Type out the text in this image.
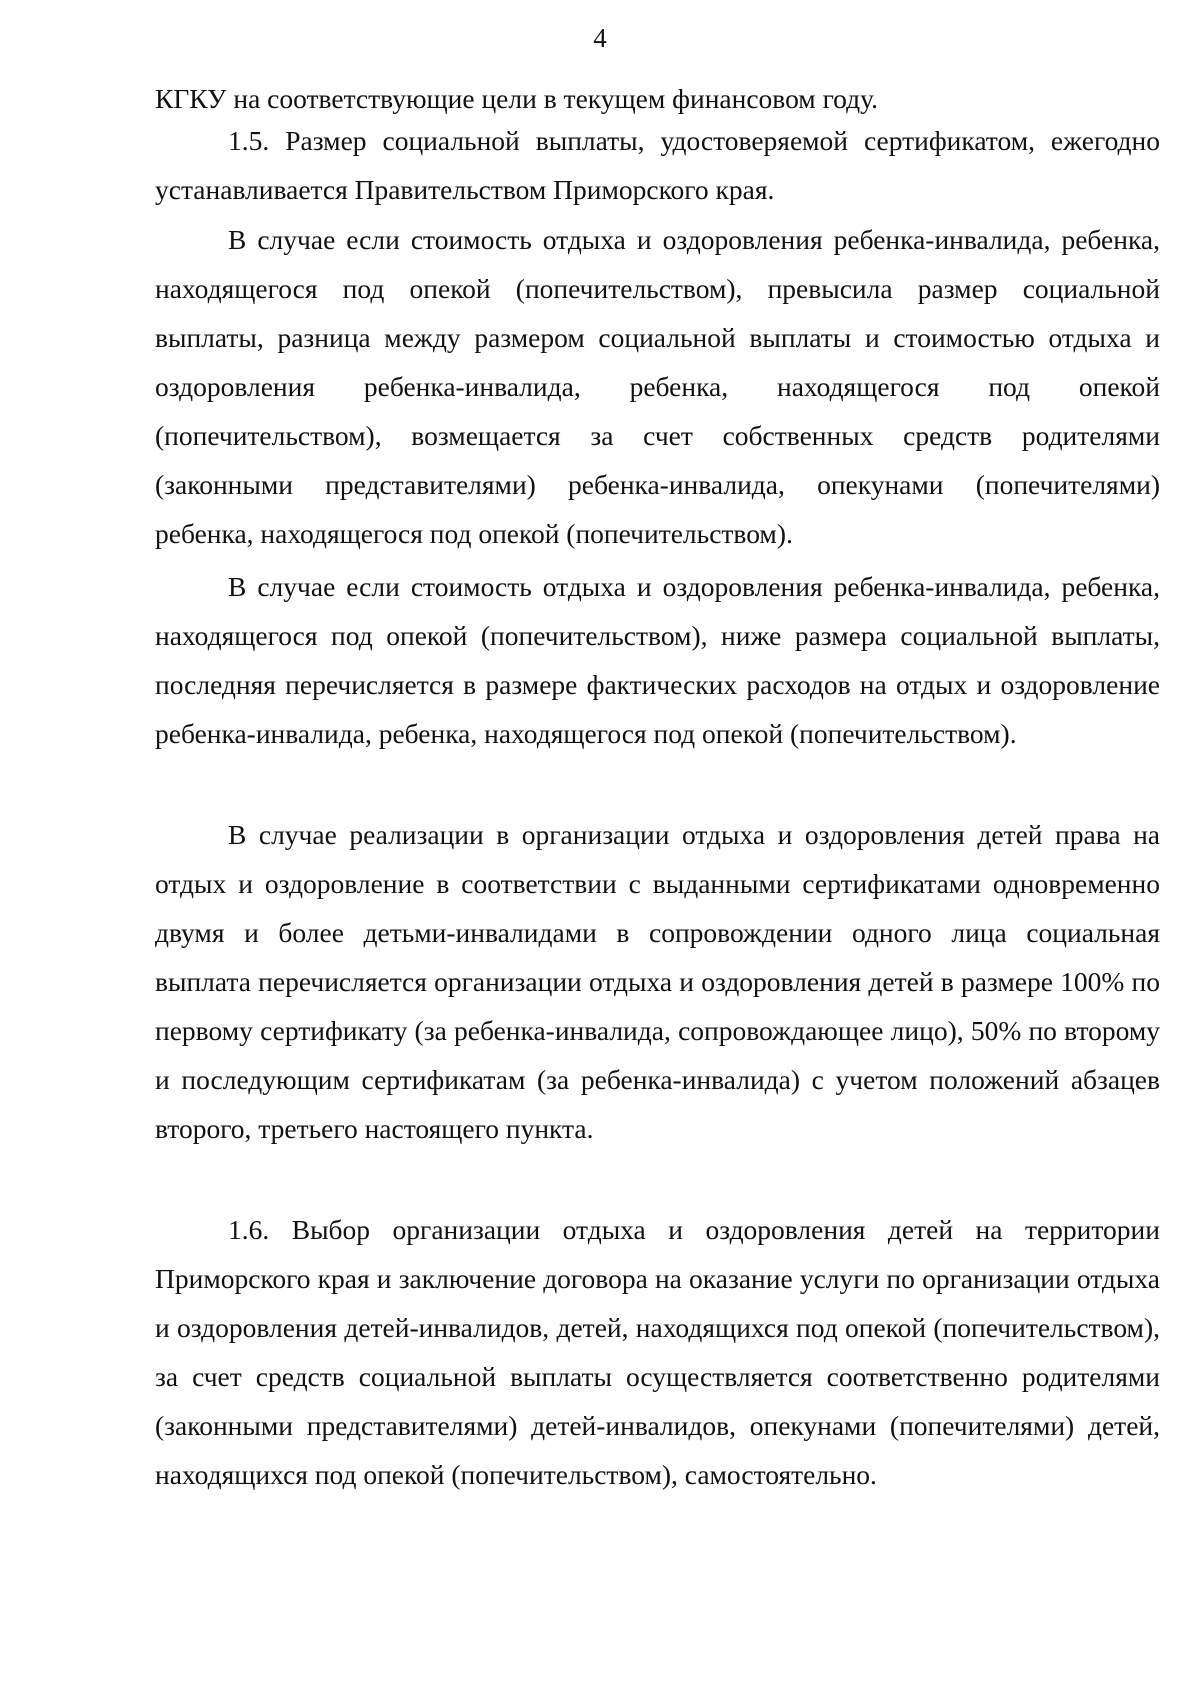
4

КГКУ на соответствующие цели в текущем финансовом году.

1.5. Размер социальной выплаты, удостоверяемой сертификатом, ежегодно устанавливается Правительством Приморского края.

В случае если стоимость отдыха и оздоровления ребенка-инвалида, ребенка, находящегося под опекой (попечительством), превысила размер социальной выплаты, разница между размером социальной выплаты и стоимостью отдыха и оздоровления ребенка-инвалида, ребенка, находящегося под опекой (попечительством), возмещается за счет собственных средств родителями (законными представителями) ребенка-инвалида, опекунами (попечителями) ребенка, находящегося под опекой (попечительством).

В случае если стоимость отдыха и оздоровления ребенка-инвалида, ребенка, находящегося под опекой (попечительством), ниже размера социальной выплаты, последняя перечисляется в размере фактических расходов на отдых и оздоровление ребенка-инвалида, ребенка, находящегося под опекой (попечительством).

В случае реализации в организации отдыха и оздоровления детей права на отдых и оздоровление в соответствии с выданными сертификатами одновременно двумя и более детьми-инвалидами в сопровождении одного лица социальная выплата перечисляется организации отдыха и оздоровления детей в размере 100% по первому сертификату (за ребенка-инвалида, сопровождающее лицо), 50% по второму и последующим сертификатам (за ребенка-инвалида) с учетом положений абзацев второго, третьего настоящего пункта.

1.6. Выбор организации отдыха и оздоровления детей на территории Приморского края и заключение договора на оказание услуги по организации отдыха и оздоровления детей-инвалидов, детей, находящихся под опекой (попечительством), за счет средств социальной выплаты осуществляется соответственно родителями (законными представителями) детей-инвалидов, опекунами (попечителями) детей, находящихся под опекой (попечительством), самостоятельно.
